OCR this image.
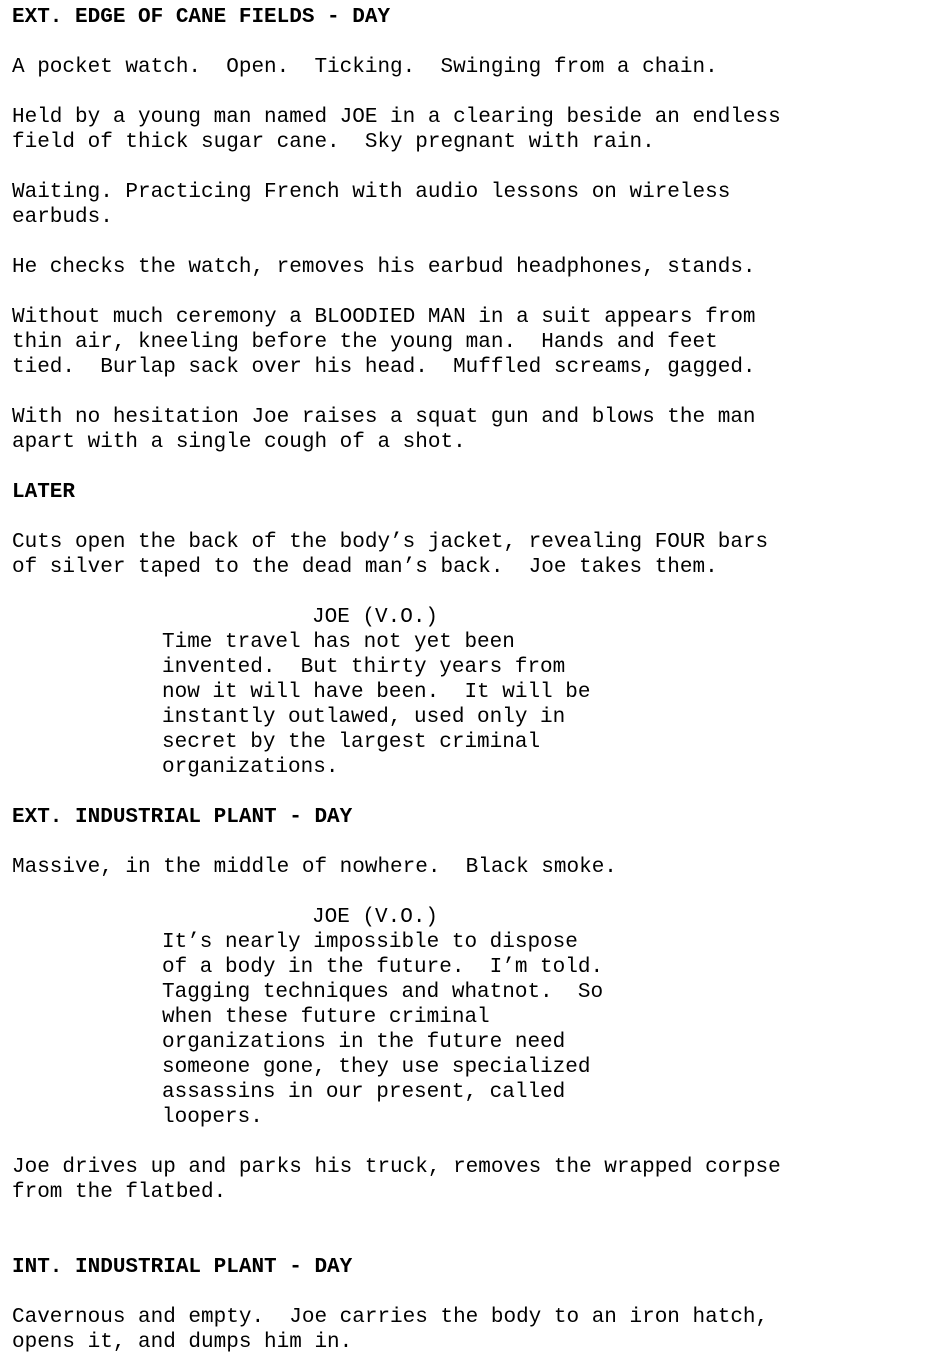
EXT. EDGE OF CANE FIELDS - DAY
A pocket watch.  Open.  Ticking.  Swinging from a chain.
Held by a young man named JOE in a clearing beside an endless
field of thick sugar cane.  Sky pregnant with rain.
Waiting. Practicing French with audio lessons on wireless
earbuds.
He checks the watch, removes his earbud headphones, stands.
Without much ceremony a BLOODIED MAN in a suit appears from
thin air, kneeling before the young man.  Hands and feet
tied.  Burlap sack over his head.  Muffled screams, gagged.
With no hesitation Joe raises a squat gun and blows the man
apart with a single cough of a shot.
LATER
Cuts open the back of the body’s jacket, revealing FOUR bars
of silver taped to the dead man’s back.  Joe takes them.
JOE (V.O.)
Time travel has not yet been
invented.  But thirty years from
now it will have been.  It will be
instantly outlawed, used only in
secret by the largest criminal
organizations.
EXT. INDUSTRIAL PLANT - DAY
Massive, in the middle of nowhere.  Black smoke.
JOE (V.O.)
It’s nearly impossible to dispose
of a body in the future.  I’m told.
Tagging techniques and whatnot.  So
when these future criminal
organizations in the future need
someone gone, they use specialized
assassins in our present, called
loopers.
Joe drives up and parks his truck, removes the wrapped corpse
from the flatbed.
INT. INDUSTRIAL PLANT - DAY
Cavernous and empty.  Joe carries the body to an iron hatch,
opens it, and dumps him in.
